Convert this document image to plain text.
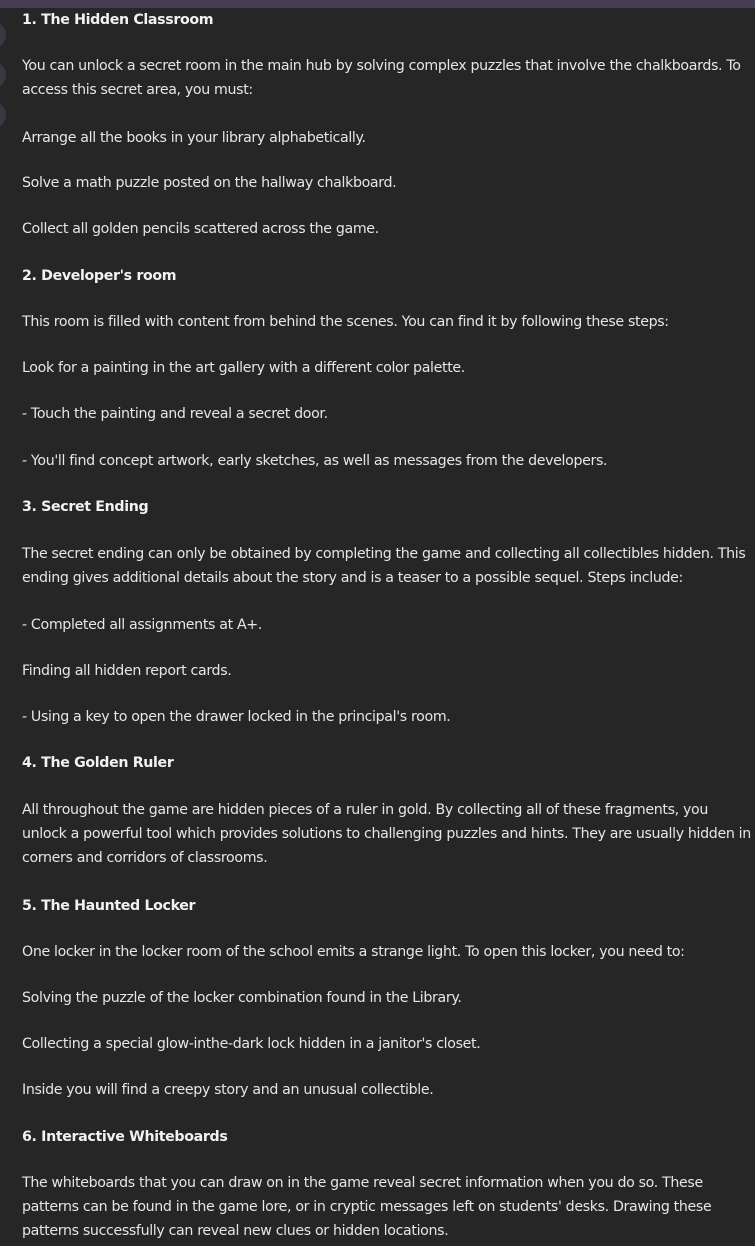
1. The Hidden Classroom

You can unlock a secret room in the main hub by solving complex puzzles that involve the chalkboards. To access this secret area, you must:

Arrange all the books in your library alphabetically.

Solve a math puzzle posted on the hallway chalkboard.

Collect all golden pencils scattered across the game.

2. Developer's room

This room is filled with content from behind the scenes. You can find it by following these steps:

Look for a painting in the art gallery with a different color palette.

- Touch the painting and reveal a secret door.

- You'll find concept artwork, early sketches, as well as messages from the developers.

3. Secret Ending

The secret ending can only be obtained by completing the game and collecting all collectibles hidden. This ending gives additional details about the story and is a teaser to a possible sequel. Steps include:

- Completed all assignments at A+.

Finding all hidden report cards.

- Using a key to open the drawer locked in the principal's room.

4. The Golden Ruler

All throughout the game are hidden pieces of a ruler in gold. By collecting all of these fragments, you unlock a powerful tool which provides solutions to challenging puzzles and hints. They are usually hidden in corners and corridors of classrooms.

5. The Haunted Locker

One locker in the locker room of the school emits a strange light. To open this locker, you need to:

Solving the puzzle of the locker combination found in the Library.

Collecting a special glow-inthe-dark lock hidden in a janitor's closet.

Inside you will find a creepy story and an unusual collectible.

6. Interactive Whiteboards

The whiteboards that you can draw on in the game reveal secret information when you do so. These patterns can be found in the game lore, or in cryptic messages left on students' desks. Drawing these patterns successfully can reveal new clues or hidden locations.
